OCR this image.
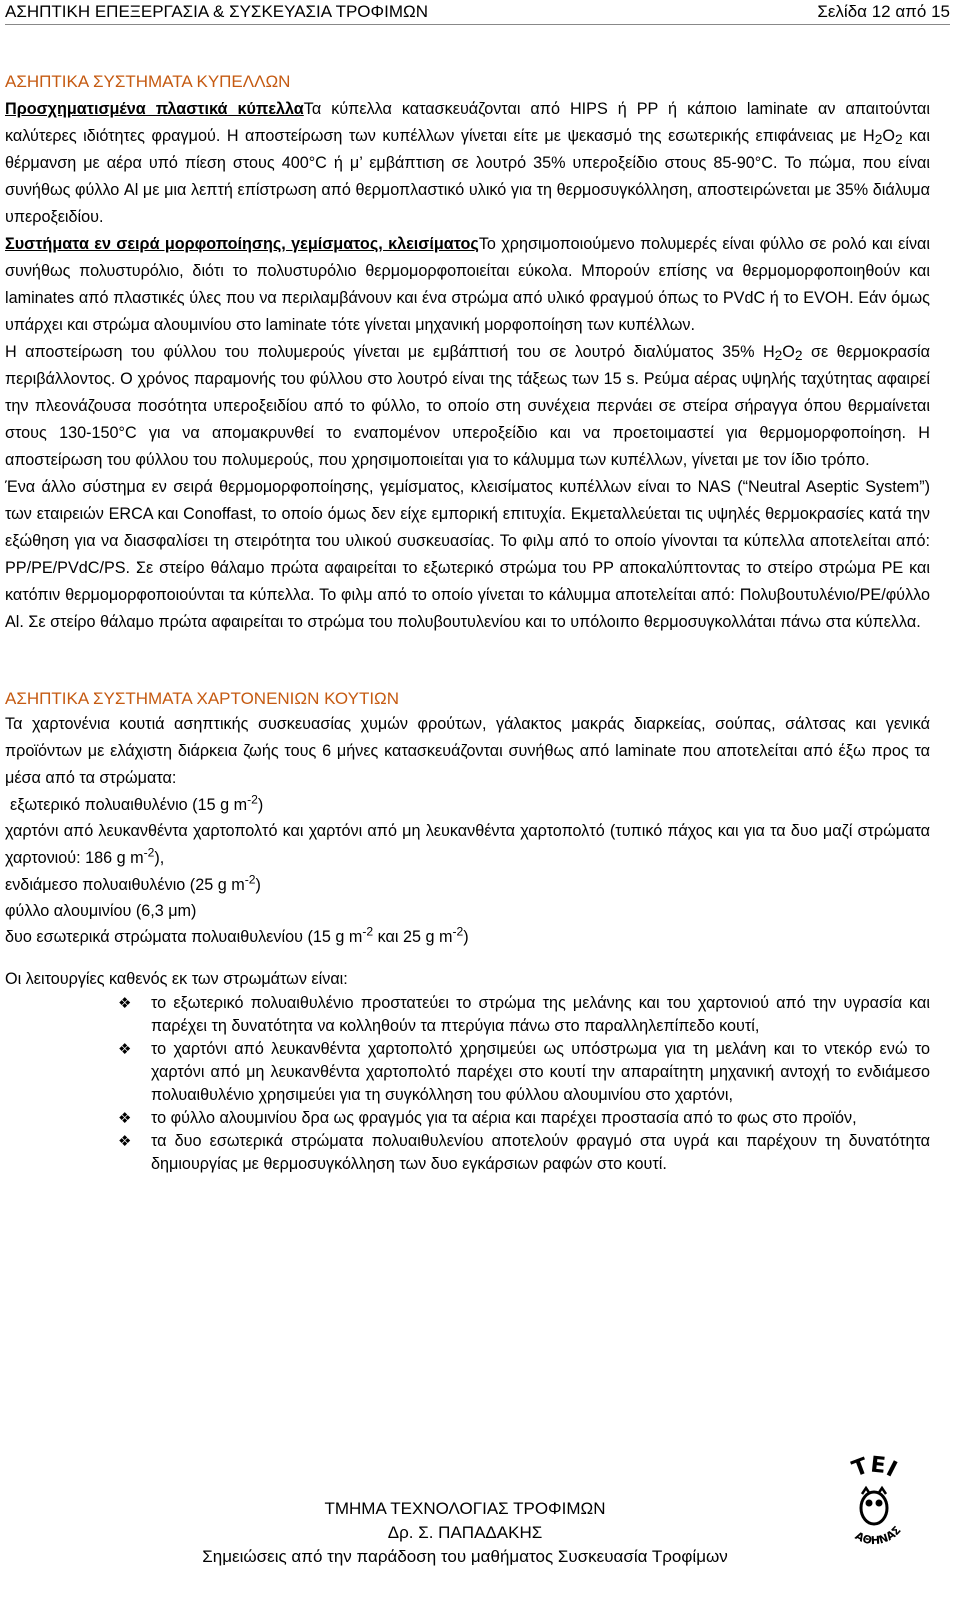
ΑΣΗΠΤΙΚΗ ΕΠΕΞΕΡΓΑΣΙΑ & ΣΥΣΚΕΥΑΣΙΑ ΤΡΟΦΙΜΩΝ	Σελίδα 12 από 15
ΑΣΗΠΤΙΚΑ ΣΥΣΤΗΜΑΤΑ ΚΥΠΕΛΛΩΝ

Προσχηματισμένα πλαστικά κύπελλαΤα κύπελλα κατασκευάζονται από HIPS ή PP ή κάποιο laminate αν απαιτούνται καλύτερες ιδιότητες φραγμού. Η αποστείρωση των κυπέλλων γίνεται είτε με ψεκασμό της εσωτερικής επιφάνειας με $H_2O_2$ και θέρμανση με αέρα υπό πίεση στους 400°C ή μ’ εμβάπτιση σε λουτρό 35% υπεροξείδιο στους 85-90°C. Το πώμα, που είναι συνήθως φύλλο Al με μια λεπτή επίστρωση από θερμοπλαστικό υλικό για τη θερμοσυγκόλληση, αποστειρώνεται με 35% διάλυμα υπεροξειδίου.

Συστήματα εν σειρά μορφοποίησης, γεμίσματος, κλεισίματοςΤο χρησιμοποιούμενο πολυμερές είναι φύλλο σε ρολό και είναι συνήθως πολυστυρόλιο, διότι το πολυστυρόλιο θερμομορφοποιείται εύκολα. Μπορούν επίσης να θερμομορφοποιηθούν και laminates από πλαστικές ύλες που να περιλαμβάνουν και ένα στρώμα από υλικό φραγμού όπως το PVdC ή το EVOH. Εάν όμως υπάρχει και στρώμα αλουμινίου στο laminate τότε γίνεται μηχανική μορφοποίηση των κυπέλλων.

Η αποστείρωση του φύλλου του πολυμερούς γίνεται με εμβάπτισή του σε λουτρό διαλύματος 35% $H_2O_2$ σε θερμοκρασία περιβάλλοντος. Ο χρόνος παραμονής του φύλλου στο λουτρό είναι της τάξεως των 15 s. Ρεύμα αέρας υψηλής ταχύτητας αφαιρεί την πλεονάζουσα ποσότητα υπεροξειδίου από το φύλλο, το οποίο στη συνέχεια περνάει σε στείρα σήραγγα όπου θερμαίνεται στους 130-150°C για να απομακρυνθεί το εναπομένον υπεροξείδιο και να προετοιμαστεί για θερμομορφοποίηση. Η αποστείρωση του φύλλου του πολυμερούς, που χρησιμοποιείται για το κάλυμμα των κυπέλλων, γίνεται με τον ίδιο τρόπο.

Ένα άλλο σύστημα εν σειρά θερμομορφοποίησης, γεμίσματος, κλεισίματος κυπέλλων είναι το NAS (“Neutral Aseptic System”) των εταιρειών ERCA και Conoffast, το οποίο όμως δεν είχε εμπορική επιτυχία. Εκμεταλλεύεται τις υψηλές θερμοκρασίες κατά την εξώθηση για να διασφαλίσει τη στειρότητα του υλικού συσκευασίας. Το φιλμ από το οποίο γίνονται τα κύπελλα αποτελείται από: PP/PE/PVdC/PS. Σε στείρο θάλαμο πρώτα αφαιρείται το εξωτερικό στρώμα του PP αποκαλύπτοντας το στείρο στρώμα PE και κατόπιν θερμομορφοποιούνται τα κύπελλα. Το φιλμ από το οποίο γίνεται το κάλυμμα αποτελείται από: Πολυβουτυλένιο/PE/φύλλο Al. Σε στείρο θάλαμο πρώτα αφαιρείται το στρώμα του πολυβουτυλενίου και το υπόλοιπο θερμοσυγκολλάται πάνω στα κύπελλα.

ΑΣΗΠΤΙΚΑ ΣΥΣΤΗΜΑΤΑ ΧΑΡΤΟΝΕΝΙΩΝ ΚΟΥΤΙΩΝ

Τα χαρτονένια κουτιά ασηπτικής συσκευασίας χυμών φρούτων, γάλακτος μακράς διαρκείας, σούπας, σάλτσας και γενικά προϊόντων με ελάχιστη διάρκεια ζωής τους 6 μήνες κατασκευάζονται συνήθως από laminate που αποτελείται από έξω προς τα μέσα από τα στρώματα:

εξωτερικό πολυαιθυλένιο (15 g $m^{-2}$)

χαρτόνι από λευκανθέντα χαρτοπολτό και χαρτόνι από μη λευκανθέντα χαρτοπολτό (τυπικό πάχος και για τα δυο μαζί στρώματα χαρτονιού: 186 g $m^{-2}$),

ενδιάμεσο πολυαιθυλένιο (25 g $m^{-2}$)

φύλλο αλουμινίου (6,3 μm)

δυο εσωτερικά στρώματα πολυαιθυλενίου (15 g $m^{-2}$ και 25 g $m^{-2}$)

Οι λειτουργίες καθενός εκ των στρωμάτων είναι:

❖ το εξωτερικό πολυαιθυλένιο προστατεύει το στρώμα της μελάνης και του χαρτονιού από την υγρασία και παρέχει τη δυνατότητα να κολληθούν τα πτερύγια πάνω στο παραλληλεπίπεδο κουτί,
❖ το χαρτόνι από λευκανθέντα χαρτοπολτό χρησιμεύει ως υπόστρωμα για τη μελάνη και το ντεκόρ ενώ το χαρτόνι από μη λευκανθέντα χαρτοπολτό παρέχει στο κουτί την απαραίτητη μηχανική αντοχή το ενδιάμεσο πολυαιθυλένιο χρησιμεύει για τη συγκόλληση του φύλλου αλουμινίου στο χαρτόνι,
❖ το φύλλο αλουμινίου δρα ως φραγμός για τα αέρια και παρέχει προστασία από το φως στο προϊόν,
❖ τα δυο εσωτερικά στρώματα πολυαιθυλενίου αποτελούν φραγμό στα υγρά και παρέχουν τη δυνατότητα δημιουργίας με θερμοσυγκόλληση των δυο εγκάρσιων ραφών στο κουτί.
ΤΕΙ
ΑΘΗΝΑΣ
ΤΜΗΜΑ ΤΕΧΝΟΛΟΓΙΑΣ ΤΡΟΦΙΜΩΝ
Δρ. Σ. ΠΑΠΑΔΑΚΗΣ
Σημειώσεις από την παράδοση του μαθήματος Συσκευασία Τροφίμων
